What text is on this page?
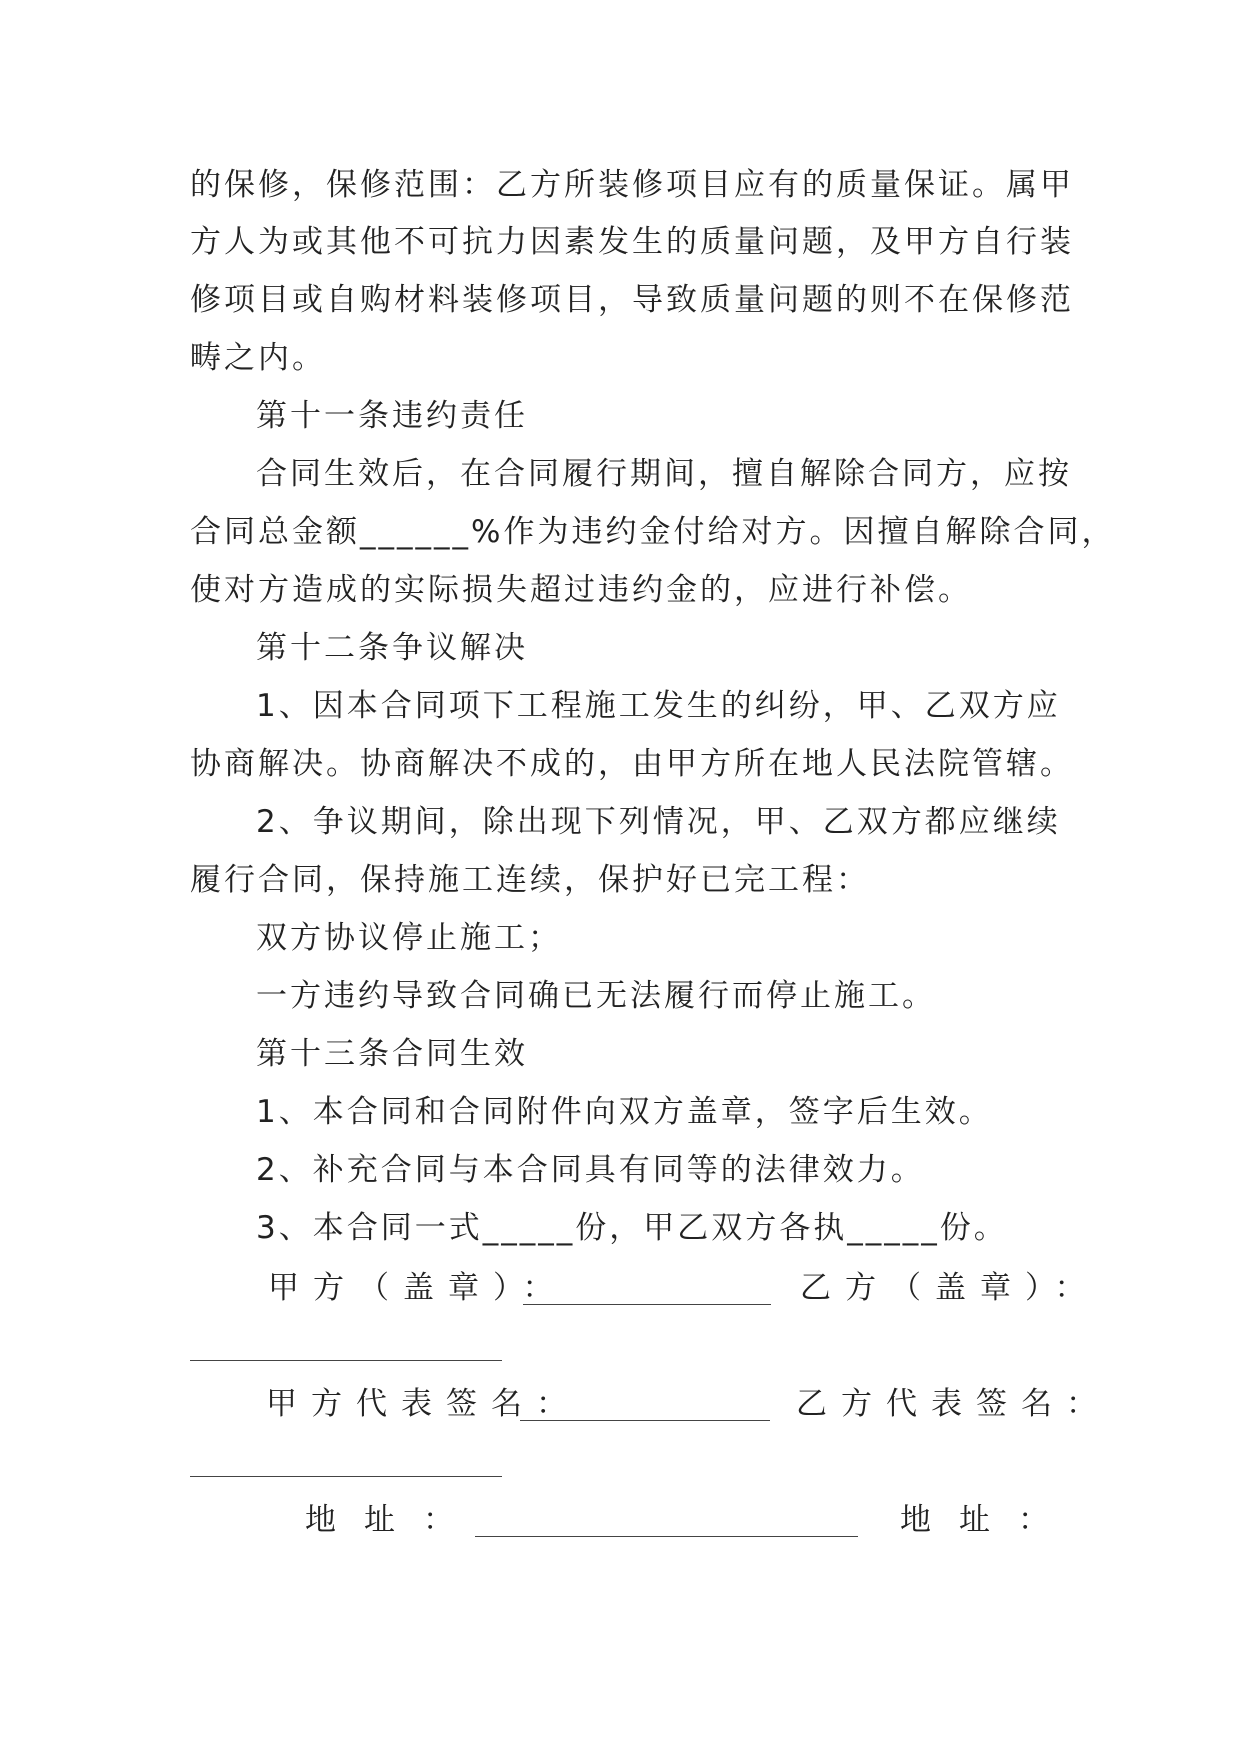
的保修，保修范围：乙方所装修项目应有的质量保证。属甲
方人为或其他不可抗力因素发生的质量问题，及甲方自行装
修项目或自购材料装修项目，导致质量问题的则不在保修范
畴之内。
第十一条违约责任
合同生效后，在合同履行期间，擅自解除合同方，应按
合同总金额______%作为违约金付给对方。因擅自解除合同，
使对方造成的实际损失超过违约金的，应进行补偿。
第十二条争议解决
1、因本合同项下工程施工发生的纠纷，甲、乙双方应
协商解决。协商解决不成的，由甲方所在地人民法院管辖。
2、争议期间，除出现下列情况，甲、乙双方都应继续
履行合同，保持施工连续，保护好已完工程：
双方协议停止施工；
一方违约导致合同确已无法履行而停止施工。
第十三条合同生效
1、本合同和合同附件向双方盖章，签字后生效。
2、补充合同与本合同具有同等的法律效力。
3、本合同一式_____份，甲乙双方各执_____份。
甲方（盖章）：	乙方（盖章）：
甲方代表签名：	乙方代表签名：
地址：	地址：
